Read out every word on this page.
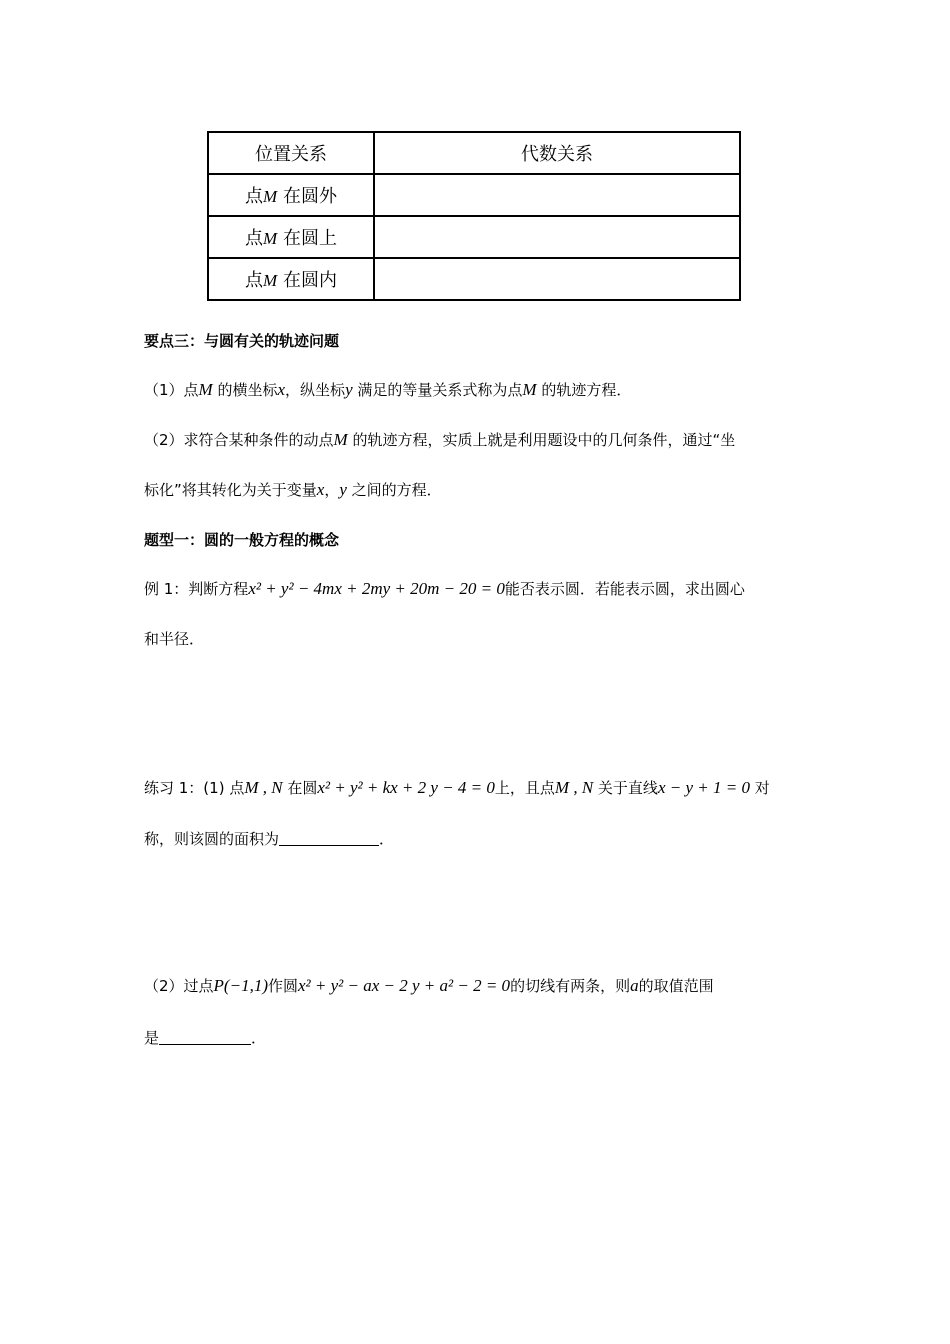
位置关系	代数关系
点M 在圆外	
点M 在圆上	
点M 在圆内	
要点三：与圆有关的轨迹问题
（1）点M 的横坐标x，纵坐标y 满足的等量关系式称为点M 的轨迹方程．
（2）求符合某种条件的动点M 的轨迹方程，实质上就是利用题设中的几何条件，通过“坐
标化”将其转化为关于变量x，y 之间的方程．
题型一：圆的一般方程的概念
例 1：判断方程x² + y² − 4mx + 2my + 20m − 20 = 0能否表示圆．若能表示圆，求出圆心
和半径．
练习 1：(1) 点M , N 在圆x² + y² + kx + 2 y − 4 = 0上，且点M , N 关于直线x − y + 1 = 0 对
称，则该圆的面积为	．
（2）过点P(−1,1)作圆x² + y² − ax − 2 y + a² − 2 = 0的切线有两条，则a的取值范围
是	．
